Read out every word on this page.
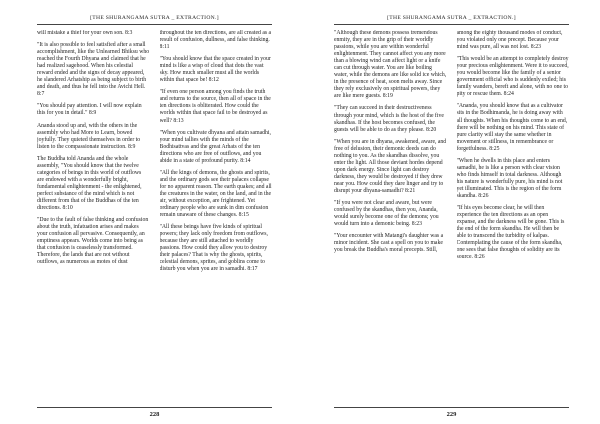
[THE SHURANGAMA SUTRA _ EXTRACTION.]

will mistake a thief for your own son. 8:3

"It is also possible to feel satisfied after a small accomplishment, like the Unlearned Bhiksu who reached the Fourth Dhyana and claimed that he had realized sagehood. When his celestial reward ended and the signs of decay appeared, he slandered Arhatship as being subject to birth and death, and thus he fell into the Avichi Hell. 8:7

"You should pay attention. I will now explain this for you in detail." 8:9

Ananda stood up and, with the others in the assembly who had More to Learn, bowed joyfully. They quieted themselves in order to listen to the compassionate instruction. 8:9

The Buddha told Ananda and the whole assembly, "You should know that the twelve categories of beings in this world of outflows are endowed with a wonderfully bright, fundamental enlightenment - the enlightened, perfect substance of the mind which is not different from that of the Buddhas of the ten directions. 8:10

"Due to the fault of false thinking and confusion about the truth, infatuation arises and makes your confusion all pervasive. Consequently, an emptiness appears. Worlds come into being as that confusion is ceaselessly transformed. Therefore, the lands that are not without outflows, as numerous as motes of dust

throughout the ten directions, are all created as a result of confusion, dullness, and false thinking. 8:11

"You should know that the space created in your mind is like a wisp of cloud that dots the vast sky. How much smaller must all the worlds within that space be! 8:12

"If even one person among you finds the truth and returns to the source, then all of space in the ten directions is obliterated. How could the worlds within that space fail to be destroyed as well? 8:13

"When you cultivate dhyana and attain samadhi, your mind tallies with the minds of the Bodhisattvas and the great Arhats of the ten directions who are free of outflows, and you abide in a state of profound purity. 8:14

"All the kings of demons, the ghosts and spirits, and the ordinary gods see their palaces collapse for no apparent reason. The earth quakes; and all the creatures in the water, on the land, and in the air, without exception, are frightened. Yet ordinary people who are sunk in dim confusion remain unaware of these changes. 8:15

"All these beings have five kinds of spiritual powers; they lack only freedom from outflows, because they are still attached to worldly passions. How could they allow you to destroy their palaces? That is why the ghosts, spirits, celestial demons, sprites, and goblins come to disturb you when you are in samadhi. 8:17

228
[THE SHURANGAMA SUTRA _ EXTRACTION.]

"Although these demons possess tremendous enmity, they are in the grip of their worldly passions, while you are within wonderful enlightenment. They cannot affect you any more than a blowing wind can affect light or a knife can cut through water. You are like boiling water, while the demons are like solid ice which, in the presence of heat, soon melts away. Since they rely exclusively on spiritual powers, they are like mere guests. 8:19

"They can succeed in their destructiveness through your mind, which is the host of the five skandhas. If the host becomes confused, the guests will be able to do as they please. 8:20

"When you are in dhyana, awakened, aware, and free of delusion, their demonic deeds can do nothing to you. As the skandhas dissolve, you enter the light. All those deviant hordes depend upon dark energy. Since light can destroy darkness, they would be destroyed if they drew near you. How could they dare linger and try to disrupt your dhyana-samadhi? 8:21

"If you were not clear and aware, but were confused by the skandhas, then you, Ananda, would surely become one of the demons; you would turn into a demonic being. 8:23

"Your encounter with Matangi's daughter was a minor incident. She cast a spell on you to make you break the Buddha's moral precepts. Still,

among the eighty thousand modes of conduct, you violated only one precept. Because your mind was pure, all was not lost. 8:23

"This would be an attempt to completely destroy your precious enlightenment. Were it to succeed, you would become like the family of a senior government official who is suddenly exiled; his family wanders, bereft and alone, with no one to pity or rescue them. 8:24

"Ananda, you should know that as a cultivator sits in the Bodhimanda, he is doing away with all thoughts. When his thoughts come to an end, there will be nothing on his mind. This state of pure clarity will stay the same whether in movement or stillness, in remembrance or forgetfulness. 8:25

"When he dwells in this place and enters samadhi, he is like a person with clear vision who finds himself in total darkness. Although his nature is wonderfully pure, his mind is not yet illuminated. This is the region of the form skandha. 8:26

"If his eyes become clear, he will then experience the ten directions as an open expanse, and the darkness will be gone. This is the end of the form skandha. He will then be able to transcend the turbidity of kalpas. Contemplating the cause of the form skandha, one sees that false thoughts of solidity are its source. 8:26

229
